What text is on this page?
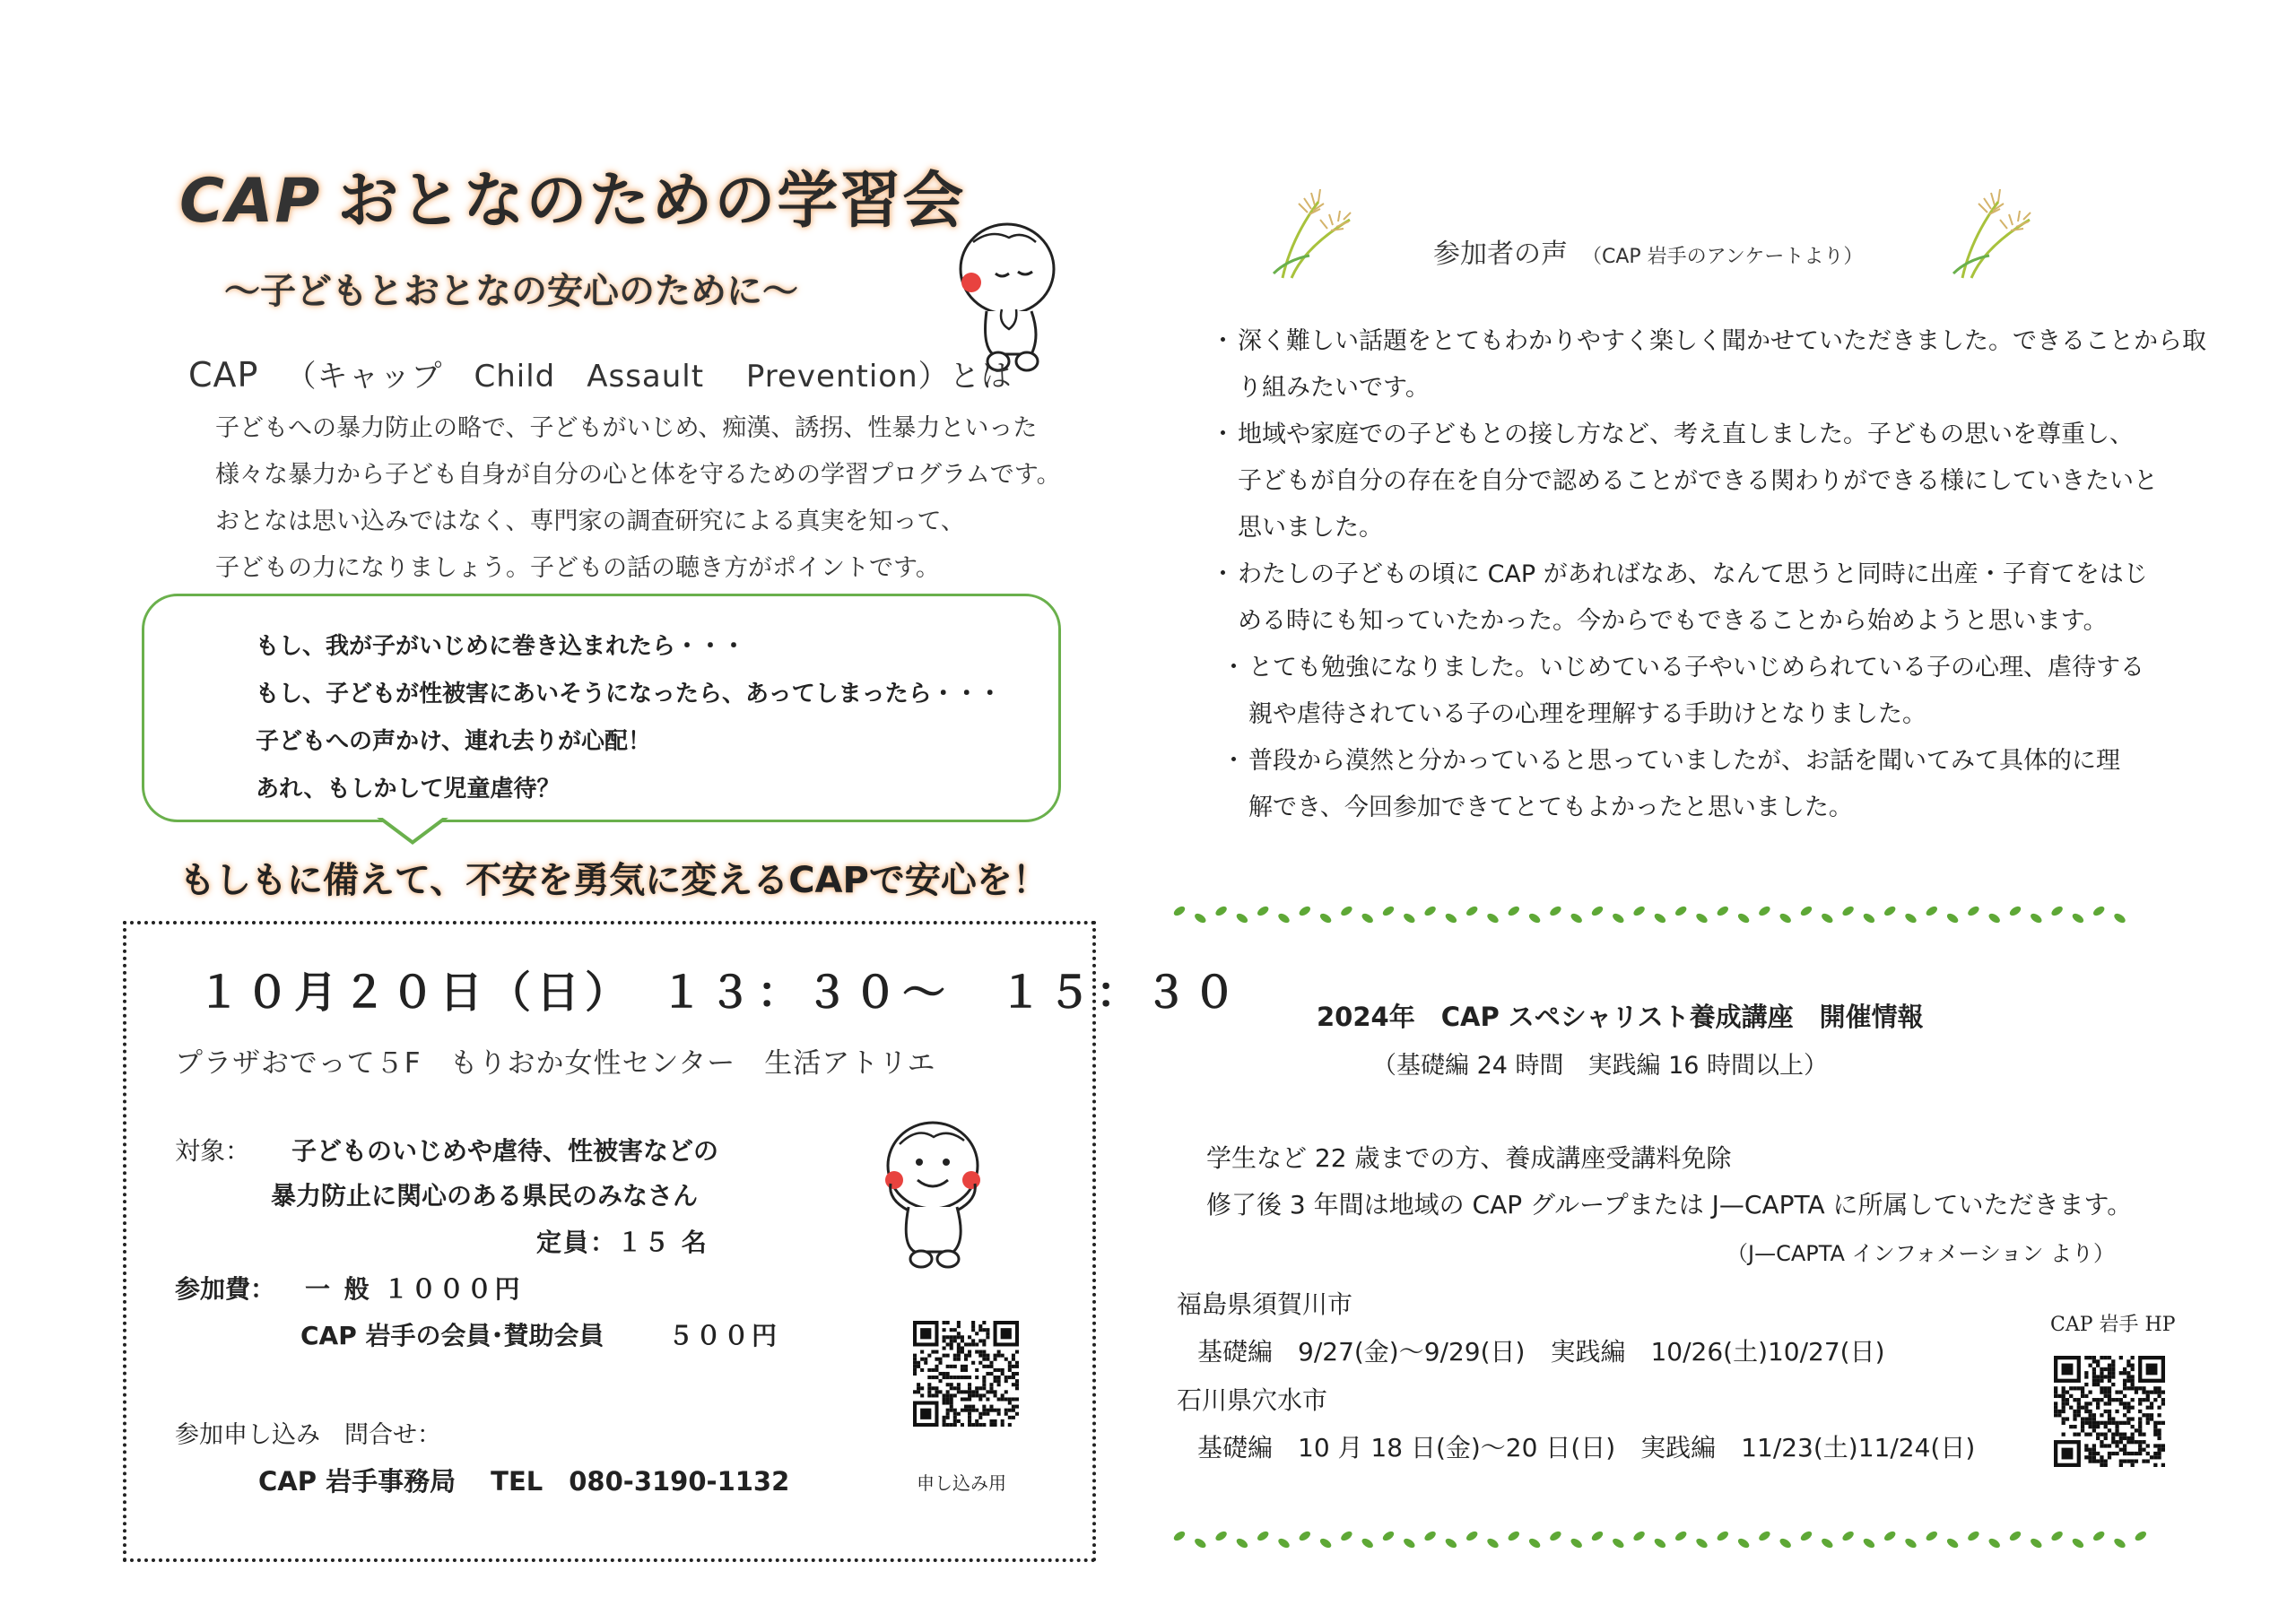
CAP おとなのための学習会
～子どもとおとなの安心のために～
CAP （キャップ　Child　Assault　 Prevention）とは
子どもへの暴力防止の略で、子どもがいじめ、痴漢、誘拐、性暴力といった
様々な暴力から子ども自身が自分の心と体を守るための学習プログラムです。
おとなは思い込みではなく、専門家の調査研究による真実を知って、
子どもの力になりましょう。子どもの話の聴き方がポイントです。
もし、我が子がいじめに巻き込まれたら・・・
もし、子どもが性被害にあいそうになったら、あってしまったら・・・
子どもへの声かけ、連れ去りが心配！
あれ、もしかして児童虐待？
もしもに備えて、不安を勇気に変えるCAPで安心を！
１０月２０日（日）　１３：３０～　１５：３０
プラザおでって５F　もりおか女性センター　生活アトリエ
対象： 子どものいじめや虐待、性被害などの
暴力防止に関心のある県民のみなさん
定員：１５ 名
参加費： 一 般 １０００円
CAP 岩手の会員･賛助会員	５００円
参加申し込み　問合せ：
CAP 岩手事務局　 TEL　080-3190-1132	申し込み用
参加者の声 （CAP 岩手のアンケートより）
・ 深く難しい話題をとてもわかりやすく楽しく聞かせていただきました。できることから取
り組みたいです。
・ 地域や家庭での子どもとの接し方など、考え直しました。子どもの思いを尊重し、
子どもが自分の存在を自分で認めることができる関わりができる様にしていきたいと
思いました。
・ わたしの子どもの頃に CAP があればなあ、なんて思うと同時に出産・子育てをはじ
める時にも知っていたかった。今からでもできることから始めようと思います。
・ とても勉強になりました。いじめている子やいじめられている子の心理、虐待する
親や虐待されている子の心理を理解する手助けとなりました。
・ 普段から漠然と分かっていると思っていましたが、お話を聞いてみて具体的に理
解でき、今回参加できてとてもよかったと思いました。
2024年　CAP スペシャリスト養成講座　開催情報
（基礎編 24 時間　実践編 16 時間以上）
学生など 22 歳までの方、養成講座受講料免除
修了後 3 年間は地域の CAP グループまたは J—CAPTA に所属していただきます。
（J—CAPTA インフォメーション より）
福島県須賀川市
基礎編　9/27(金)～9/29(日)　実践編　10/26(土)10/27(日)
石川県穴水市
基礎編　10 月 18 日(金)～20 日(日)　実践編　11/23(土)11/24(日)
CAP 岩手 HP
